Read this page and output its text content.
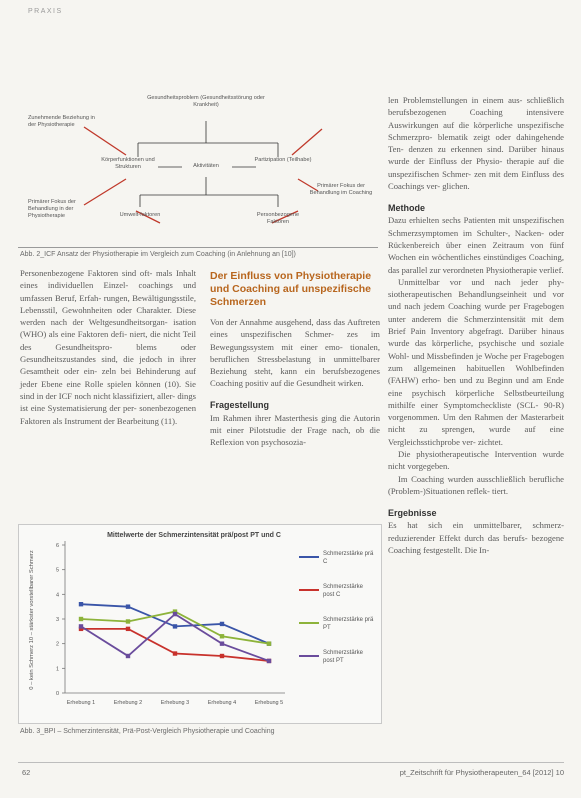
PRAXIS
Gesundheitsproblem (Gesundheitsstörung oder Krankheit)
Zunehmende Beziehung in der Physiotherapie
Körperfunktionen und Strukturen	Aktivitäten
Partizipation (Teilhabe)
Primärer Fokus der Behandlung in der Physiotherapie
Primärer Fokus der Behandlung im Coaching
Umwelt-faktoren	Personbezogene Faktoren
Abb. 2_ICF Ansatz der Physiotherapie im Vergleich zum Coaching (in Anlehnung an [10])

Personenbezogene Faktoren sind oft- mals Inhalt eines individuellen Einzel- coachings und umfassen Beruf, Erfah- rungen, Bewältigungsstile, Lebensstil, Gewohnheiten oder Charakter. Diese werden nach der Weltgesundheitsorgan- isation (WHO) als eine Faktoren defi- niert, die nicht Teil des Gesundheitspro- blems oder Gesundheitszustandes sind, die jedoch in ihrer Gesamtheit oder ein- zeln bei Behinderung auf jeder Ebene eine Rolle spielen können (10). Sie sind in der ICF noch nicht klassifiziert, aller- dings ist eine Systematisierung der per- sonenbezogenen Faktoren als Instrument der Bearbeitung (11).

Der Einfluss von Physiotherapie und Coaching auf unspezifische Schmerzen

Von der Annahme ausgehend, dass das Auftreten eines unspezifischen Schmer- zes im Bewegungssystem mit einer emo- tionalen, beruflichen Stressbelastung in unmittelbarer Beziehung steht, kann ein berufsbezogenes Coaching positiv auf die Gesundheit wirken.

Fragestellung

Im Rahmen ihrer Masterthesis ging die Autorin mit einer Pilotstudie der Frage nach, ob die Reflexion von psychosozia-

Mittelwerte der Schmerzintensität prä/post PT und C
0 – kein Schmerz 10 – stärkster vorstellbarer Schmerz
0
1
2
3
4
5
6
Erhebung 1	Erhebung 2	Erhebung 3	Erhebung 4	Erhebung 5
Schmerzstärke prä C
Schmerzstärke post C
Schmerzstärke prä PT
Schmerzstärke post PT
Abb. 3_BPI – Schmerzintensität, Prä-Post-Vergleich Physiotherapie und Coaching

len Problemstellungen in einem aus- schließlich berufsbezogenen Coaching intensivere Auswirkungen auf die körperliche unspezifische Schmerzpro- blematik zeigt oder dahingehende Ten- denzen zu erkennen sind. Darüber hinaus wurde der Einfluss der Physio- therapie auf die unspezifischen Schmer- zen mit dem Einfluss des Coachings ver- glichen.

Methode

Dazu erhielten sechs Patienten mit unspezifischen Schmerzsymptomen im Schulter-, Nacken- oder Rückenbereich über einen Zeitraum von fünf Wochen ein wöchentliches einstündiges Coaching, das parallel zur verordneten Physiotherapie verlief.

Unmittelbar vor und nach jeder phy- siotherapeutischen Behandlungseinheit und vor und nach jedem Coaching wurde per Fragebogen unter anderem die Schmerzintensität mit dem Brief Pain Inventory abgefragt. Darüber hinaus wurde das körperliche, psychische und soziale Wohl- und Missbefinden je Woche per Fragebogen zum allgemeinen habituellen Wohlbefinden (FAHW) erho- ben und zu Beginn und am Ende eine psychisch körperliche Selbstbeurteilung mithilfe einer Symptomcheckliste (SCL- 90-R) vorgenommen. Um den Rahmen der Masterarbeit nicht zu sprengen, wurde auf eine Vergleichsstichprobe ver- zichtet.

Die physiotherapeutische Intervention wurde nicht vorgegeben.

Im Coaching wurden ausschließlich berufliche (Problem-)Situationen reflek- tiert.

Ergebnisse

Es hat sich ein unmittelbarer, schmerz- reduzierender Effekt durch das berufs- bezogene Coaching festgestellt. Die In-

62	pt_Zeitschrift für Physiotherapeuten_64 [2012] 10
